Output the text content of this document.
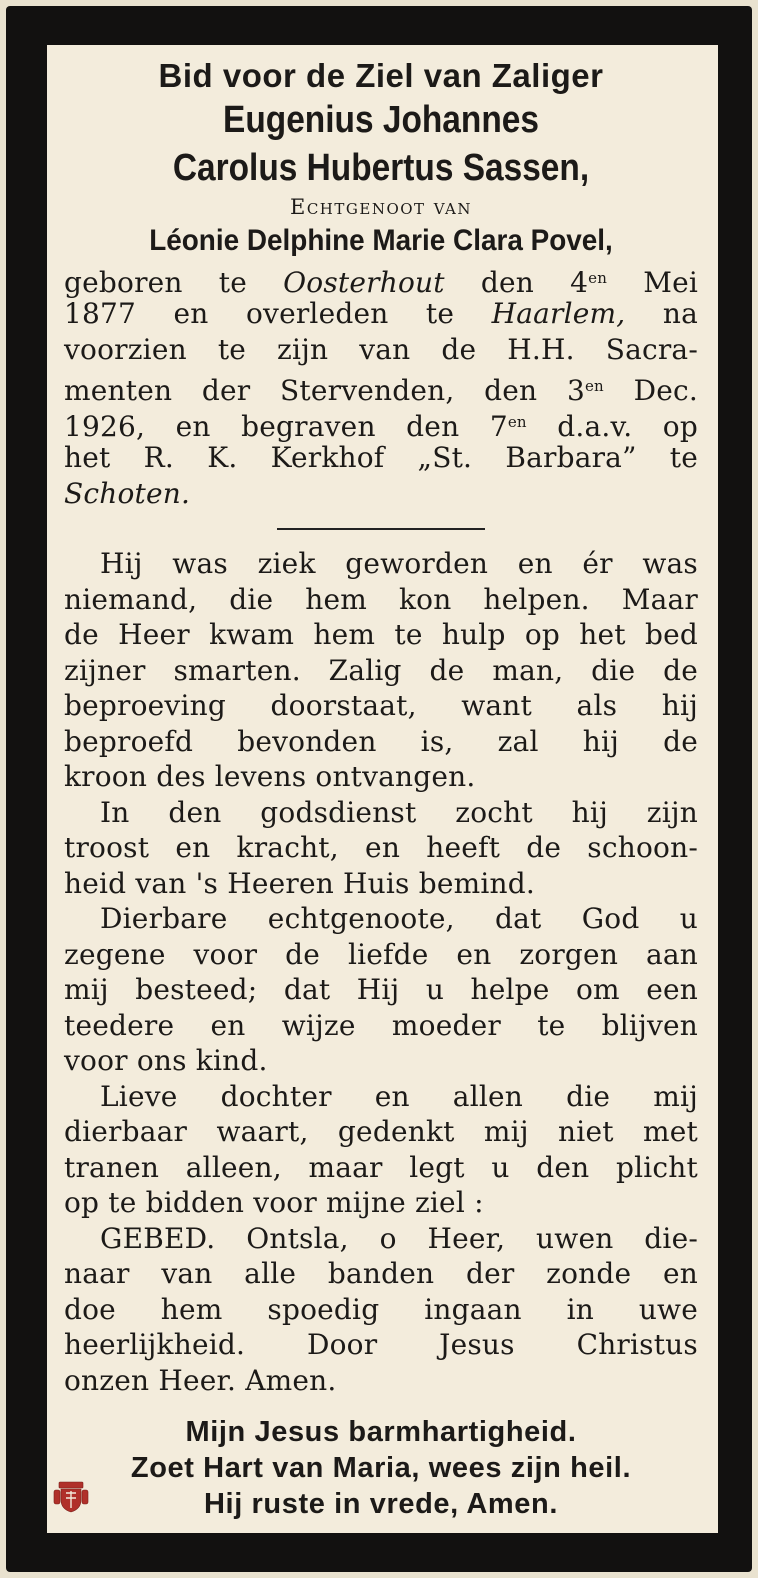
Bid voor de Ziel van Zaliger
Eugenius Johannes
Carolus Hubertus Sassen,
Echtgenoot van
Léonie Delphine Marie Clara Povel,
geboren te Oosterhout den $4^{en}$ Mei
1877 en overleden te Haarlem, na
voorzien te zijn van de H.H. Sacra-
menten der Stervenden, den $3^{en}$ Dec.
1926, en begraven den $7^{en}$ d.a.v. op
het R. K. Kerkhof „St. Barbara” te
Schoten.
Hij was ziek geworden en ér was
niemand, die hem kon helpen. Maar
de Heer kwam hem te hulp op het bed
zijner smarten. Zalig de man, die de
beproeving doorstaat, want als hij
beproefd bevonden is, zal hij de
kroon des levens ontvangen.
In den godsdienst zocht hij zijn
troost en kracht, en heeft de schoon-
heid van 's Heeren Huis bemind.
Dierbare echtgenoote, dat God u
zegene voor de liefde en zorgen aan
mij besteed; dat Hij u helpe om een
teedere en wijze moeder te blijven
voor ons kind.
Lieve dochter en allen die mij
dierbaar waart, gedenkt mij niet met
tranen alleen, maar legt u den plicht
op te bidden voor mijne ziel :
GEBED. Ontsla, o Heer, uwen die-
naar van alle banden der zonde en
doe hem spoedig ingaan in uwe
heerlijkheid. Door Jesus Christus
onzen Heer. Amen.
Mijn Jesus barmhartigheid.
Zoet Hart van Maria, wees zijn heil.
Hij ruste in vrede, Amen.
